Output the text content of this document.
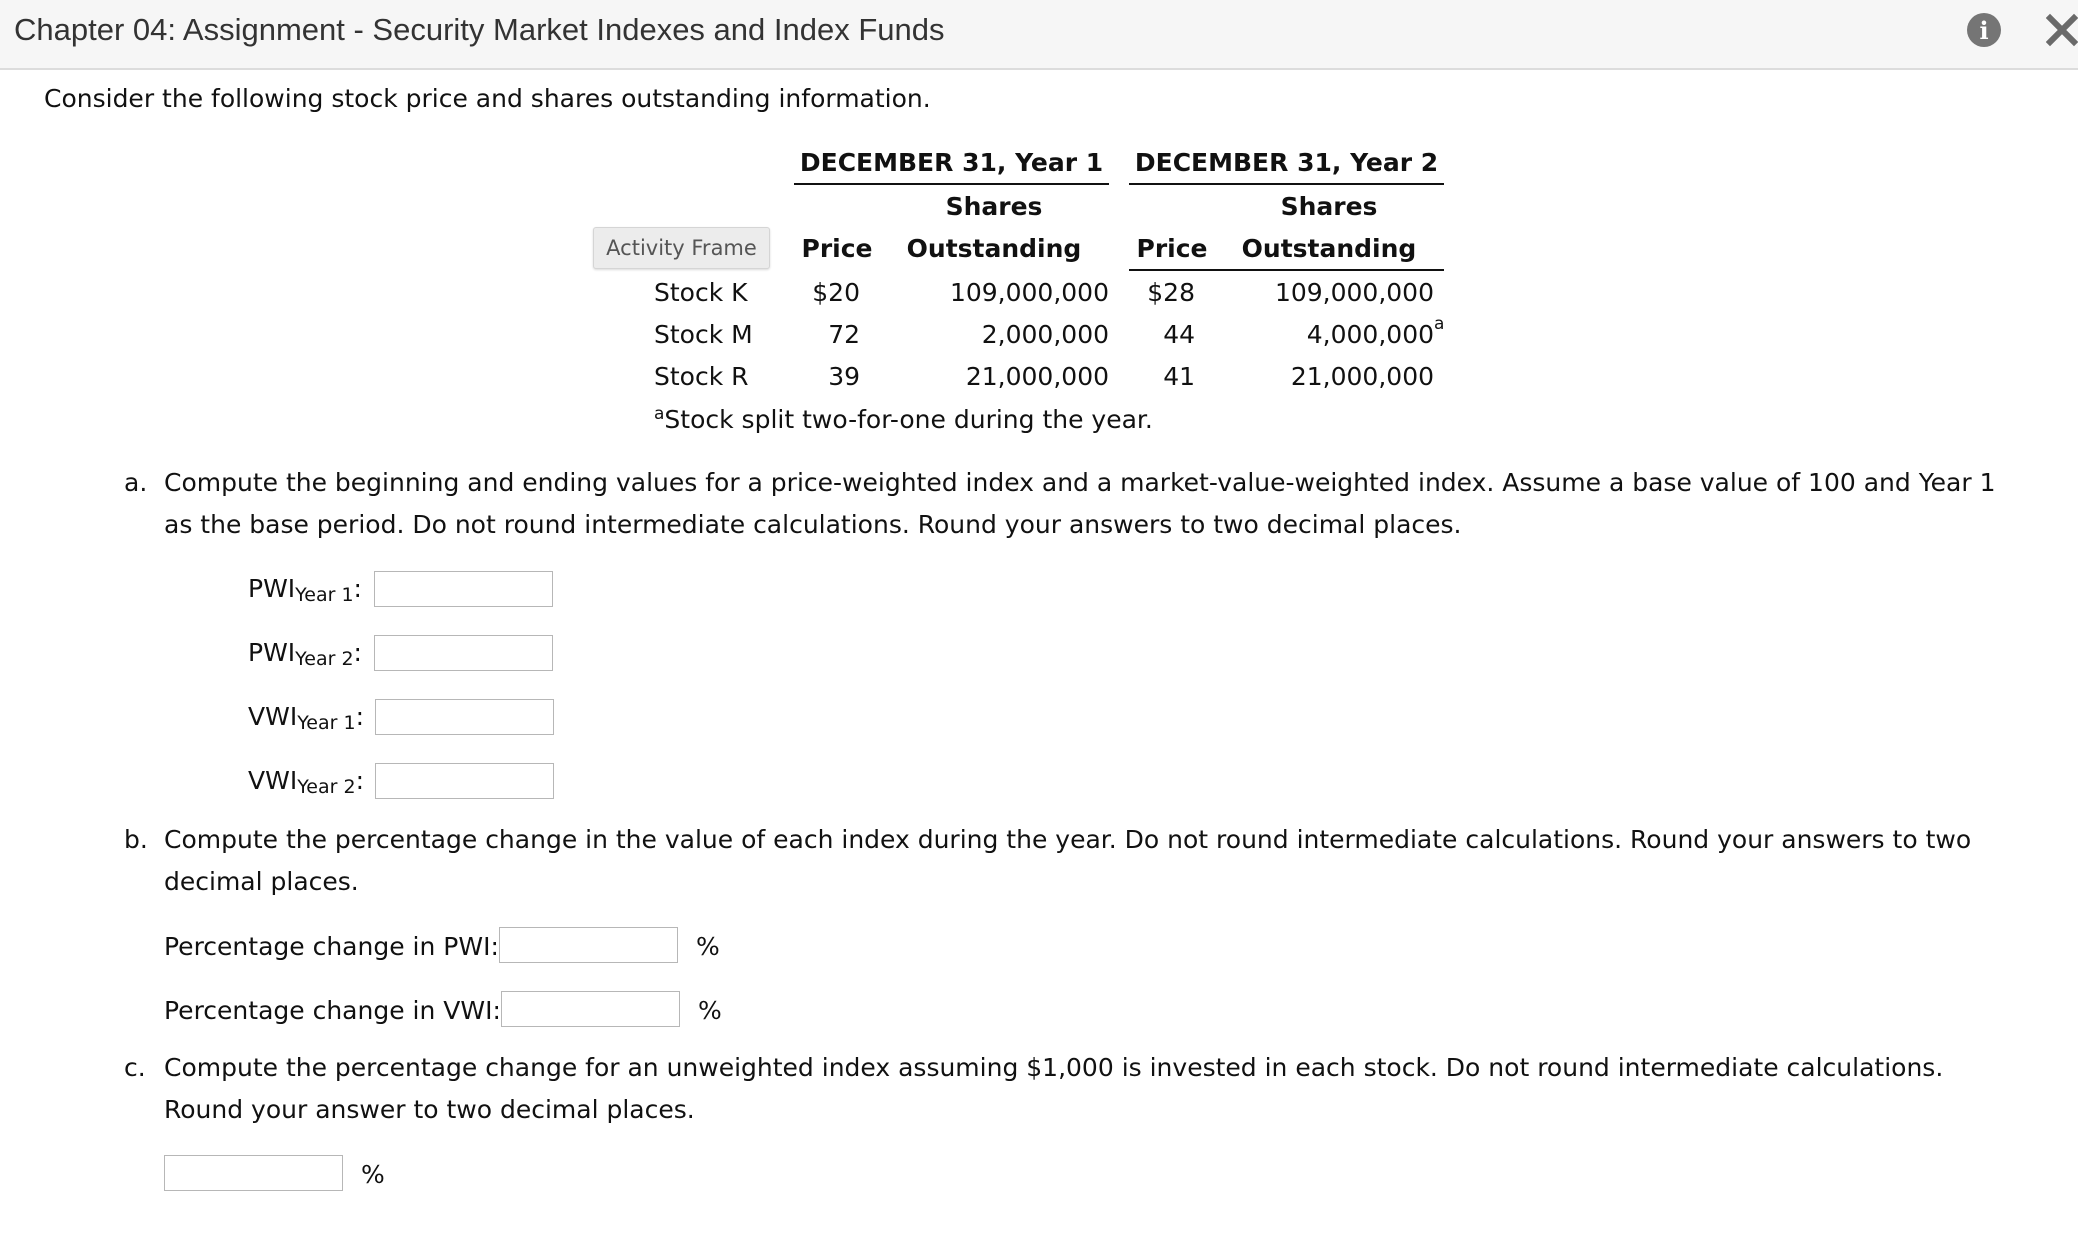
Chapter 04: Assignment - Security Market Indexes and Index Funds	i
Consider the following stock price and shares outstanding information.
DECEMBER 31, Year 1 DECEMBER 31, Year 2
Shares	Shares
Activity Frame	Price	Outstanding	Price	Outstanding
Stock K	$20	109,000,000	$28	109,000,000
Stock M	72	2,000,000	44	4,000,000 a
Stock R	39	21,000,000	41	21,000,000
$^a$Stock split two-for-one during the year.
a. Compute the beginning and ending values for a price-weighted index and a market-value-weighted index. Assume a base value of 100 and Year 1 as the base period. Do not round intermediate calculations. Round your answers to two decimal places.
$PWI_{Year 1}$:
$PWI_{Year 2}$:
$VWI_{Year 1}$:
$VWI_{Year 2}$:
b. Compute the percentage change in the value of each index during the year. Do not round intermediate calculations. Round your answers to two decimal places.
Percentage change in PWI:	%
Percentage change in VWI:	%
c. Compute the percentage change for an unweighted index assuming $1,000 is invested in each stock. Do not round intermediate calculations. Round your answer to two decimal places.
%
